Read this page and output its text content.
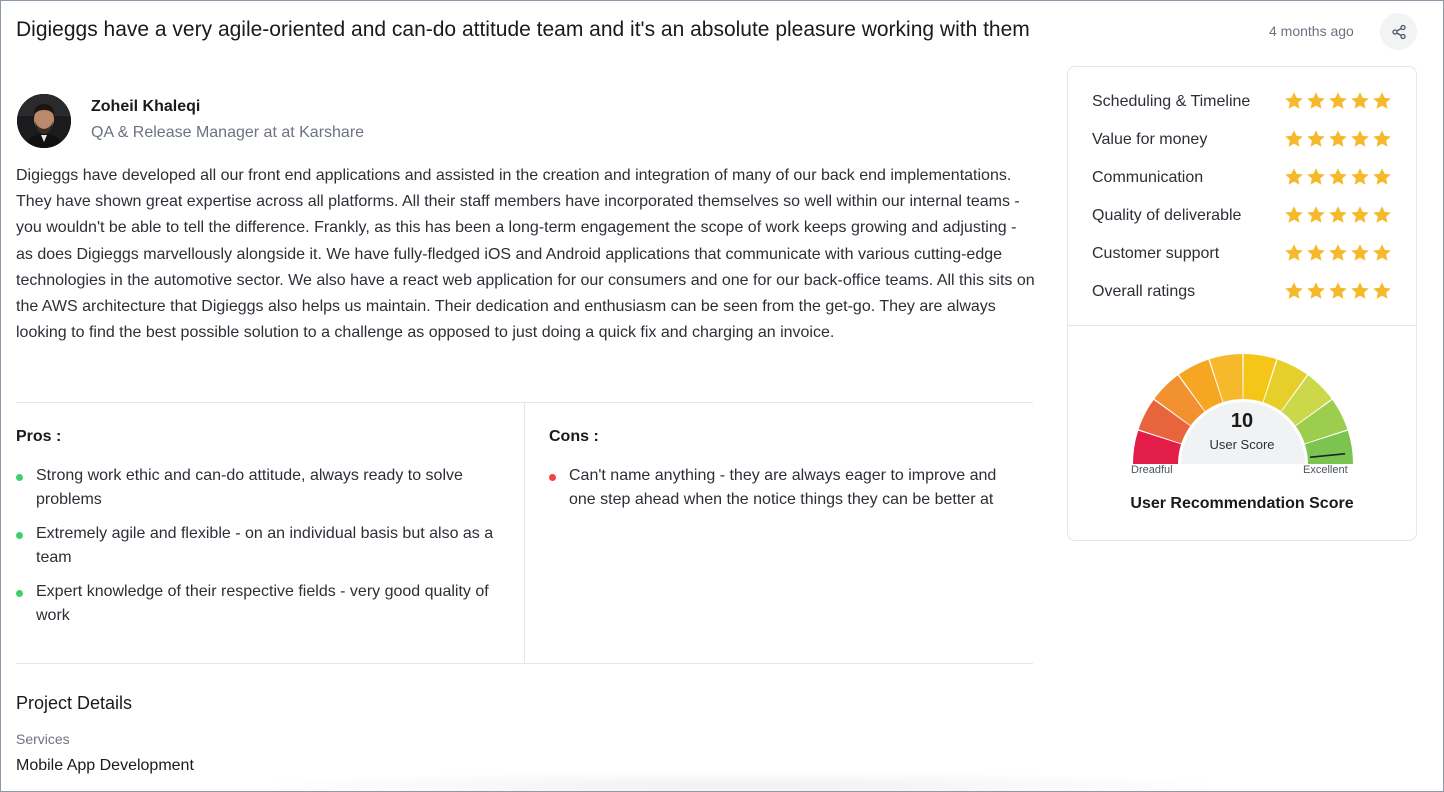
Digieggs have a very agile-oriented and can-do attitude team and it's an absolute pleasure working with them
Zoheil Khaleqi
QA & Release Manager at at Karshare

Digieggs have developed all our front end applications and assisted in the creation and integration of many of our back end implementations. They have shown great expertise across all platforms. All their staff members have incorporated themselves so well within our internal teams - you wouldn't be able to tell the difference. Frankly, as this has been a long-term engagement the scope of work keeps growing and adjusting - as does Digieggs marvellously alongside it. We have fully-fledged iOS and Android applications that communicate with various cutting-edge technologies in the automotive sector. We also have a react web application for our consumers and one for our back-office teams. All this sits on the AWS architecture that Digieggs also helps us maintain. Their dedication and enthusiasm can be seen from the get-go. They are always looking to find the best possible solution to a challenge as opposed to just doing a quick fix and charging an invoice.

Pros :
Strong work ethic and can-do attitude, always ready to solve problems
Extremely agile and flexible - on an individual basis but also as a team
Expert knowledge of their respective fields - very good quality of work
Cons :
Can't name anything - they are always eager to improve and one step ahead when the notice things they can be better at
Project Details
Services
Mobile App Development
4 months ago
Scheduling & Timeline
Value for money
Communication
Quality of deliverable
Customer support
Overall ratings
10
User Score
Dreadful	Excellent
User Recommendation Score
